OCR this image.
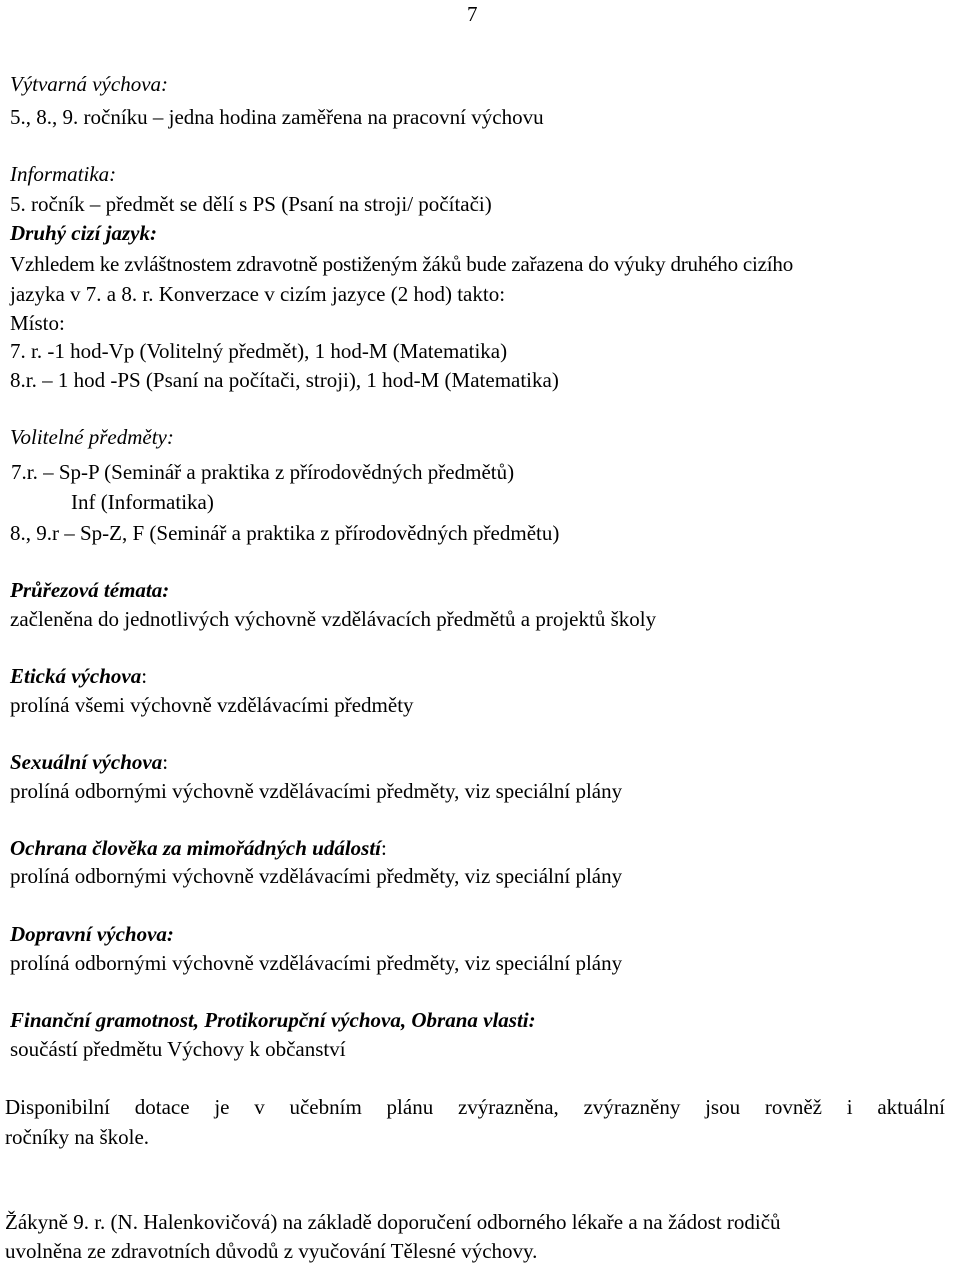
7
Výtvarná výchova:
5., 8., 9. ročníku – jedna hodina zaměřena na pracovní výchovu
Informatika:
5. ročník – předmět se dělí s PS (Psaní na stroji/ počítači)
Druhý cizí jazyk:
Vzhledem ke zvláštnostem zdravotně postiženým žáků bude zařazena do výuky druhého cizího
jazyka v 7. a 8. r. Konverzace v cizím jazyce (2 hod) takto:
Místo:
7. r. -1 hod-Vp (Volitelný předmět), 1 hod-M (Matematika)
8.r. – 1 hod -PS (Psaní na počítači, stroji), 1 hod-M (Matematika)
Volitelné předměty:
7.r. – Sp-P (Seminář a praktika z přírodovědných předmětů)
Inf (Informatika)
8., 9.r – Sp-Z, F (Seminář a praktika z přírodovědných předmětu)
Průřezová témata:
začleněna do jednotlivých výchovně vzdělávacích předmětů a projektů školy
Etická výchova:
prolíná všemi výchovně vzdělávacími předměty
Sexuální výchova:
prolíná odbornými výchovně vzdělávacími předměty, viz speciální plány
Ochrana člověka za mimořádných událostí:
prolíná odbornými výchovně vzdělávacími předměty, viz speciální plány
Dopravní výchova:
prolíná odbornými výchovně vzdělávacími předměty, viz speciální plány
Finanční gramotnost, Protikorupční výchova, Obrana vlasti:
součástí předmětu Výchovy k občanství
Disponibilní dotace je v učebním plánu zvýrazněna, zvýrazněny jsou rovněž i aktuální
ročníky na škole.
Žákyně 9. r. (N. Halenkovičová) na základě doporučení odborného lékaře a na žádost rodičů
uvolněna ze zdravotních důvodů z vyučování Tělesné výchovy.
